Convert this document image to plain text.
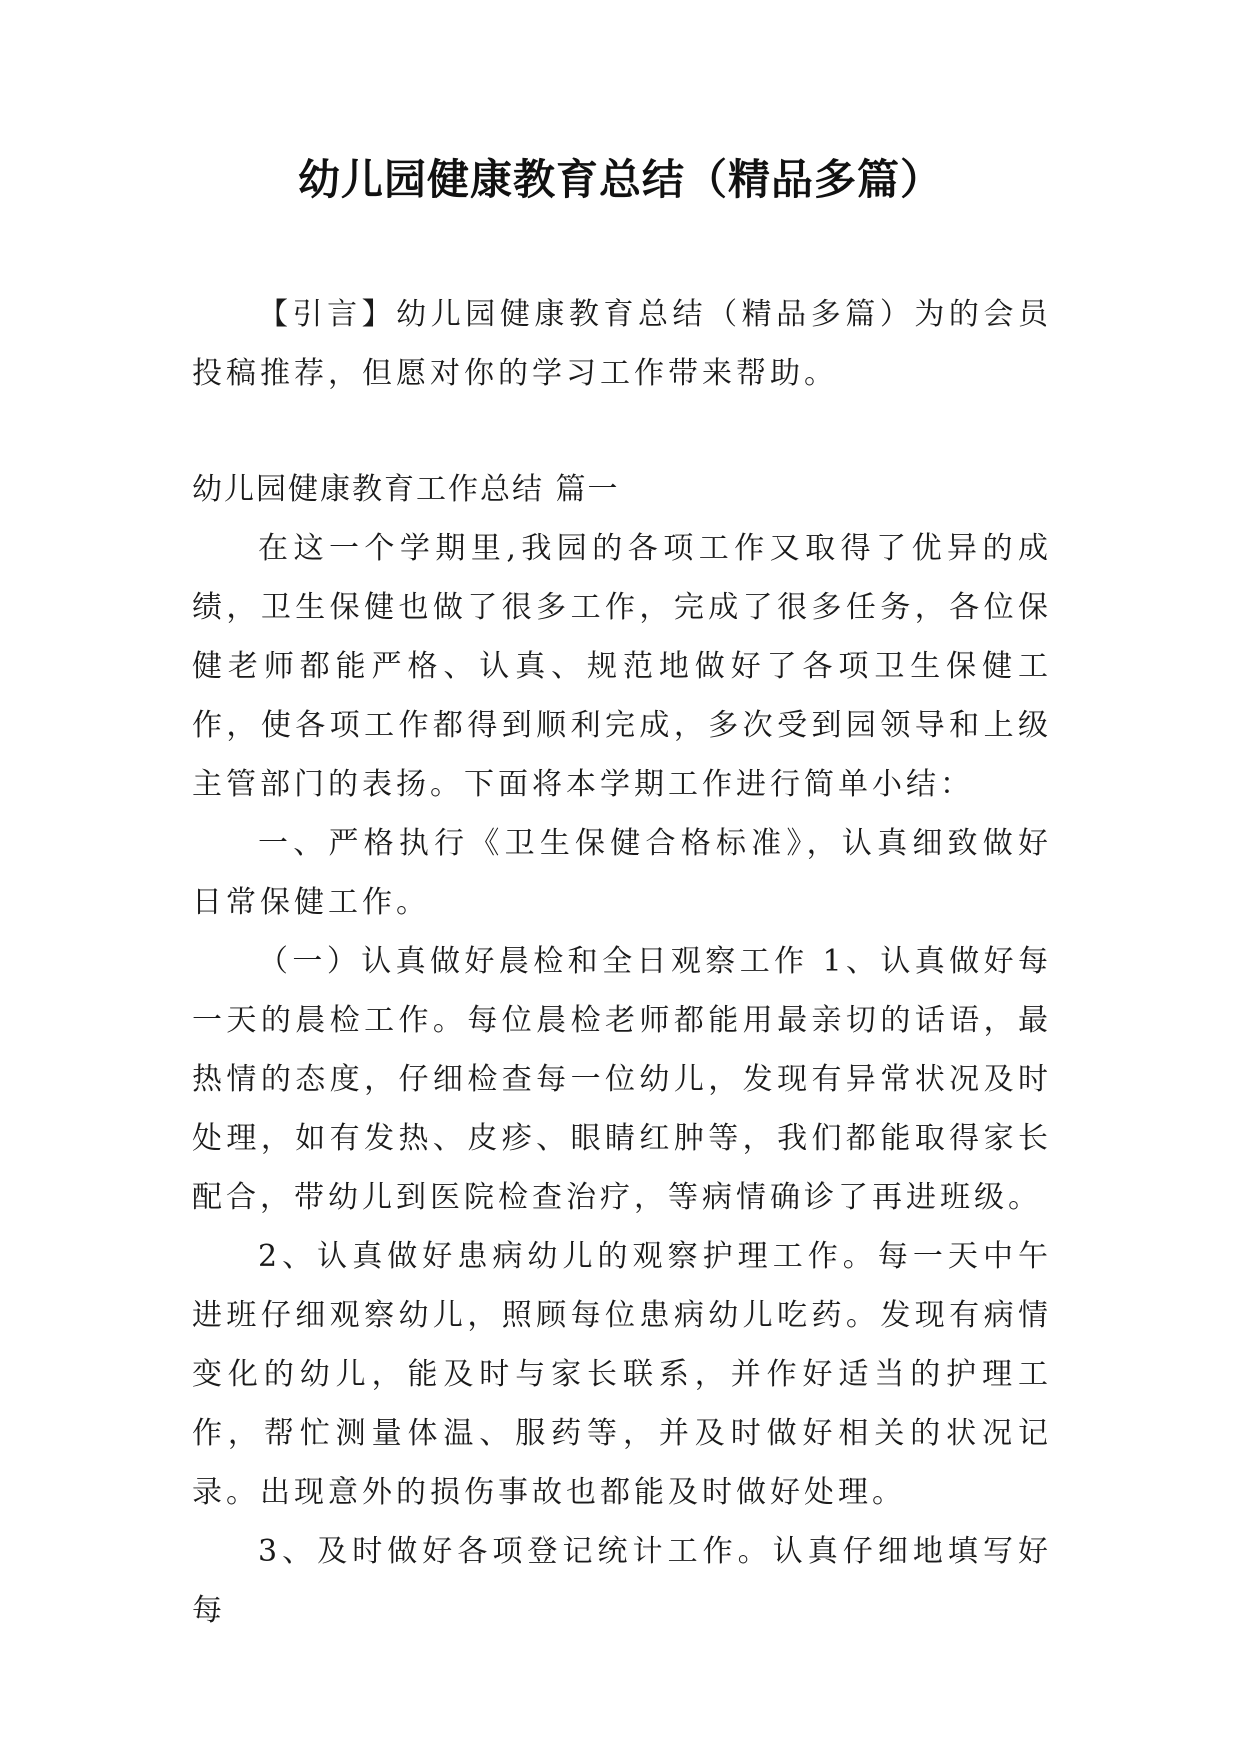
幼儿园健康教育总结（精品多篇）

【引言】幼儿园健康教育总结（精品多篇）为的会员投稿推荐，但愿对你的学习工作带来帮助。

幼儿园健康教育工作总结 篇一

在这一个学期里,我园的各项工作又取得了优异的成绩，卫生保健也做了很多工作，完成了很多任务，各位保健老师都能严格、认真、规范地做好了各项卫生保健工作，使各项工作都得到顺利完成，多次受到园领导和上级主管部门的表扬。下面将本学期工作进行简单小结：

一、严格执行《卫生保健合格标准》，认真细致做好日常保健工作。

（一）认真做好晨检和全日观察工作 1、认真做好每一天的晨检工作。每位晨检老师都能用最亲切的话语，最热情的态度，仔细检查每一位幼儿，发现有异常状况及时处理，如有发热、皮疹、眼睛红肿等，我们都能取得家长配合，带幼儿到医院检查治疗，等病情确诊了再进班级。

2、认真做好患病幼儿的观察护理工作。每一天中午进班仔细观察幼儿，照顾每位患病幼儿吃药。发现有病情变化的幼儿，能及时与家长联系，并作好适当的护理工作，帮忙测量体温、服药等，并及时做好相关的状况记录。出现意外的损伤事故也都能及时做好处理。

3、及时做好各项登记统计工作。认真仔细地填写好每
